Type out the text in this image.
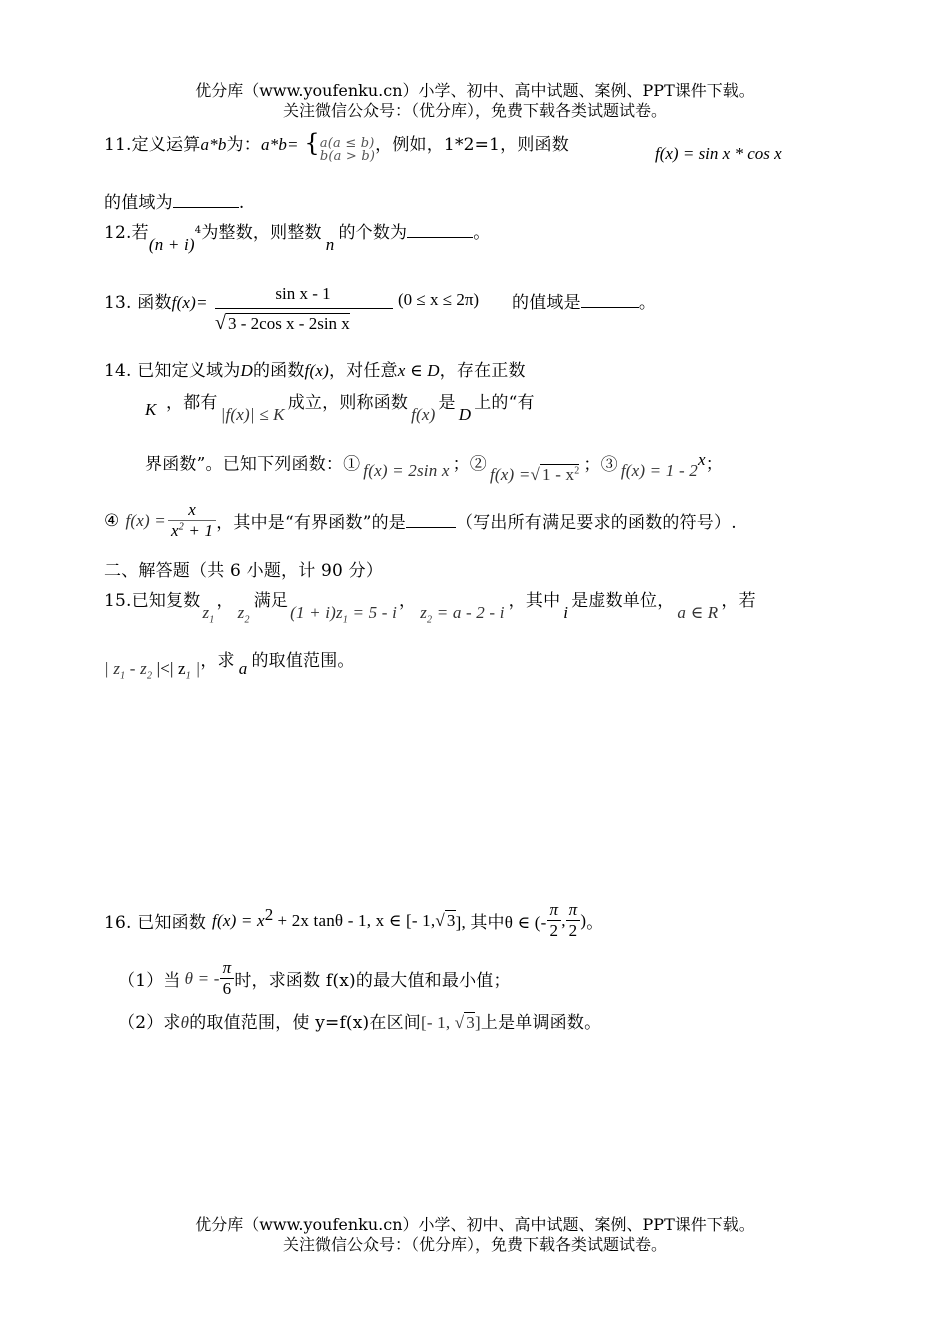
优分库（www.youfenku.cn）小学、初中、高中试题、案例、PPT课件下载。
关注微信公众号：（优分库），免费下载各类试题试卷。
11.定义运算a*b为：a*b= {a(a ≤ b)
b(a > b)，例如，1*2=1，则函数	f(x) = sin x * cos x
的值域为	.
12.若$(n + i)^4$为整数，则整数n的个数为	。
13. 函数f(x)=	sin x - 1
√ 3 - 2cos x - 2sin x
(0 ≤ x ≤ 2π) 的值域是	。
14. 已知定义域为D的函数f(x)，对任意x ∈ D，存在正数
K ，都有|f(x)| ≤ K成立，则称函数f(x)是D上的“有
界函数”。已知下列函数：① f(x) = 2sin x ；② f(x) =√ $1 - x^2$ ；③ f(x) = 1 - 2$^x$；
④ $f(x) = \frac{x}{x^2 + 1}$ ，其中是“有界函数”的是	（写出所有满足要求的函数的符号）.
二、解答题（共 6 小题，计 90 分）
15.已知复数$z_1$，$z_2$满足$(1 + i)z_1 = 5 - i$，$z_2 = a - 2 - i$，其中i是虚数单位，a ∈ R，若
| $z_1 - z_2$ |<| $z_1$ |，求 a 的取值范围。
16. 已知函数 $f(x) = x^2 + 2x$ tanθ - 1, x ∈ [- 1, √ 3 ], 其中θ ∈ (- $\frac{\pi}{2}$ , $\frac{\pi}{2}$ ) 。
（1）当 θ = - $\frac{\pi}{6}$ 时，求函数 f(x)的最大值和最小值；
（2）求θ的取值范围，使 y=f(x)在区间[- 1, √ 3]上是单调函数。
优分库（www.youfenku.cn）小学、初中、高中试题、案例、PPT课件下载。
关注微信公众号：（优分库），免费下载各类试题试卷。
